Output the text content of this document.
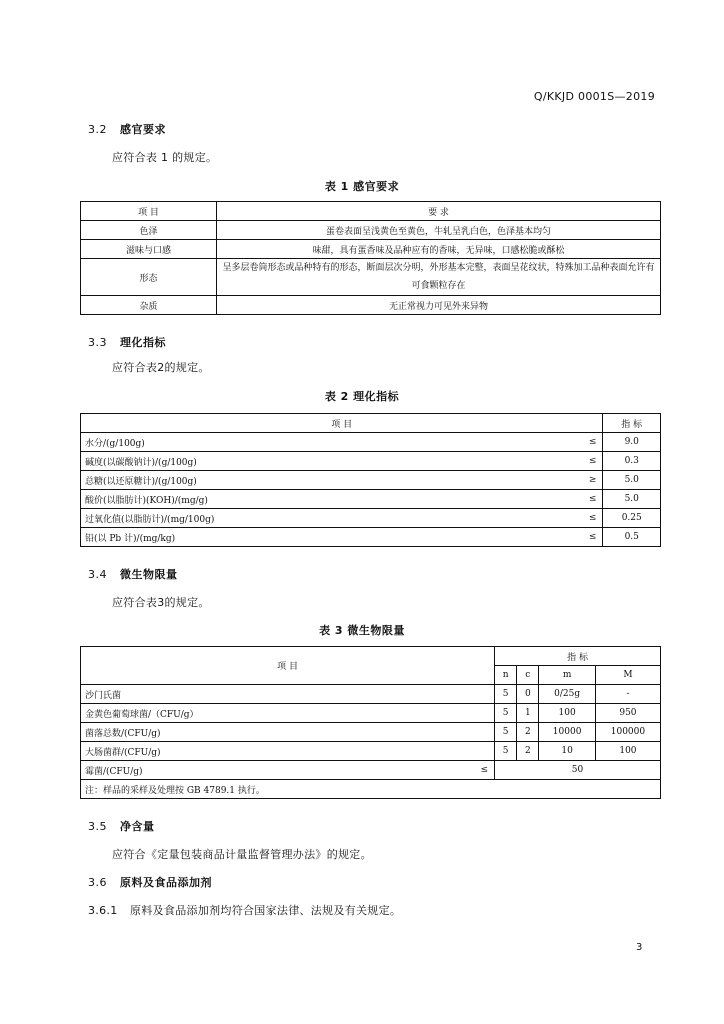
Q/KKJD 0001S—2019
3.2 感官要求
应符合表 1 的规定。
表 1 感官要求
项 目	要 求
色泽	蛋卷表面呈浅黄色至黄色，牛轧呈乳白色，色泽基本均匀
滋味与口感	味甜，具有蛋香味及品种应有的香味，无异味，口感松脆或酥松
形态	呈多层卷筒形态或品种特有的形态，断面层次分明，外形基本完整，表面呈花纹状，特殊加工品种表面允许有可食颗粒存在
杂质	无正常视力可见外来异物
3.3 理化指标
应符合表2的规定。
表 2 理化指标
项 目		指 标
水分/(g/100g)	≤	9.0
碱度(以碳酸钠计)/(g/100g)	≤	0.3
总糖(以还原糖计)/(g/100g)	≥	5.0
酸价(以脂肪计)(KOH)/(mg/g)	≤	5.0
过氧化值(以脂肪计)/(mg/100g)	≤	0.25
铅(以 Pb 计)/(mg/kg)	≤	0.5
3.4 微生物限量
应符合表3的规定。
表 3 微生物限量
项 目		指 标			
		n	c	m	M
沙门氏菌		5	0	0/25g	-
金黄色葡萄球菌/（CFU/g）		5	1	100	950
菌落总数/(CFU/g)		5	2	10000	100000
大肠菌群/(CFU/g)		5	2	10	100
霉菌/(CFU/g)	≤	50			
注：样品的采样及处理按 GB 4789.1 执行。					
3.5 净含量
应符合《定量包装商品计量监督管理办法》的规定。
3.6 原料及食品添加剂
3.6.1 原料及食品添加剂均符合国家法律、法规及有关规定。
3
